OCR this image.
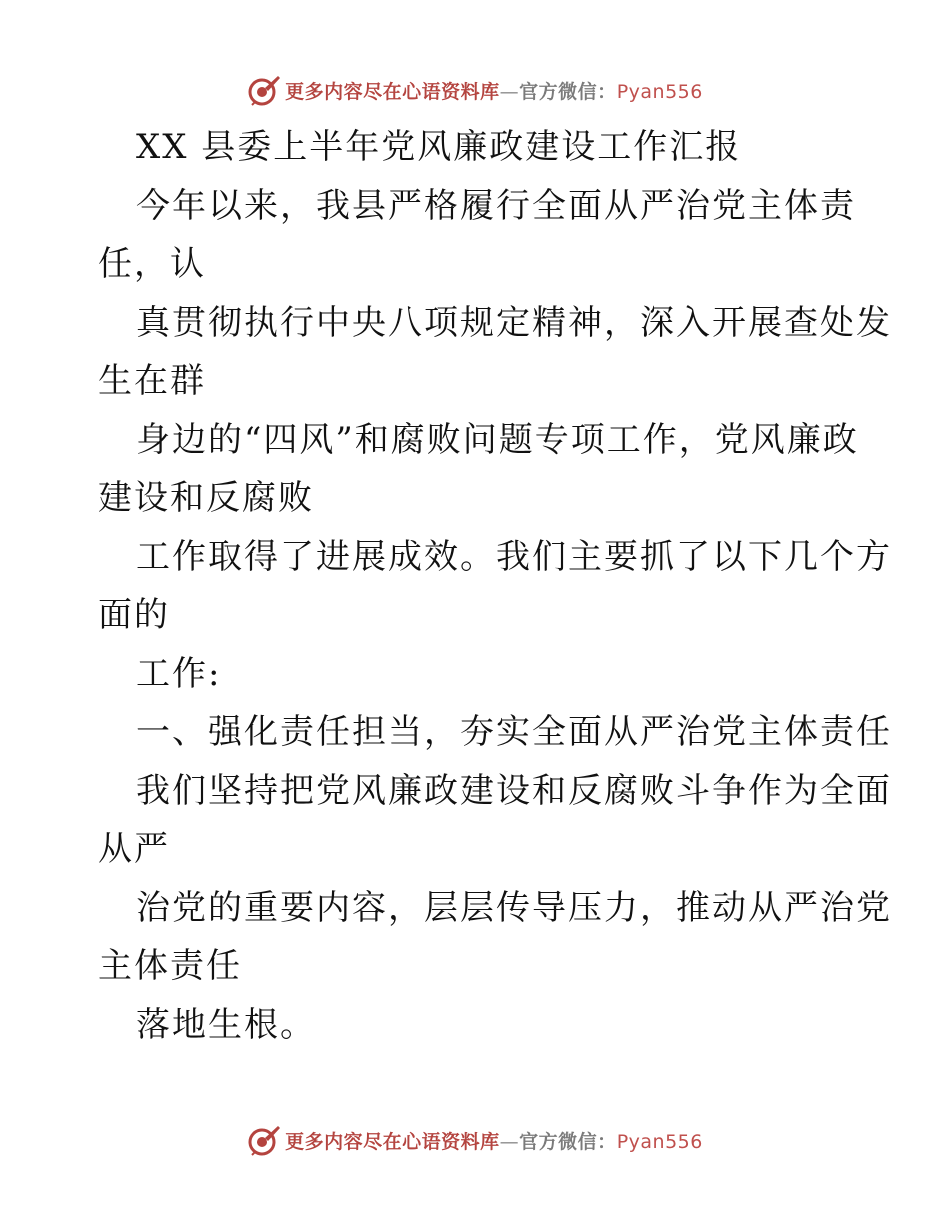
更多内容尽在心语资料库—官方微信：Pyan556
XX 县委上半年党风廉政建设工作汇报
今年以来，我县严格履行全面从严治党主体责
任，认
真贯彻执行中央八项规定精神，深入开展查处发
生在群
身边的“四风”和腐败问题专项工作，党风廉政
建设和反腐败
工作取得了进展成效。我们主要抓了以下几个方
面的
工作:
一、强化责任担当，夯实全面从严治党主体责任
我们坚持把党风廉政建设和反腐败斗争作为全面
从严
治党的重要内容，层层传导压力，推动从严治党
主体责任
落地生根。
更多内容尽在心语资料库—官方微信：Pyan556
